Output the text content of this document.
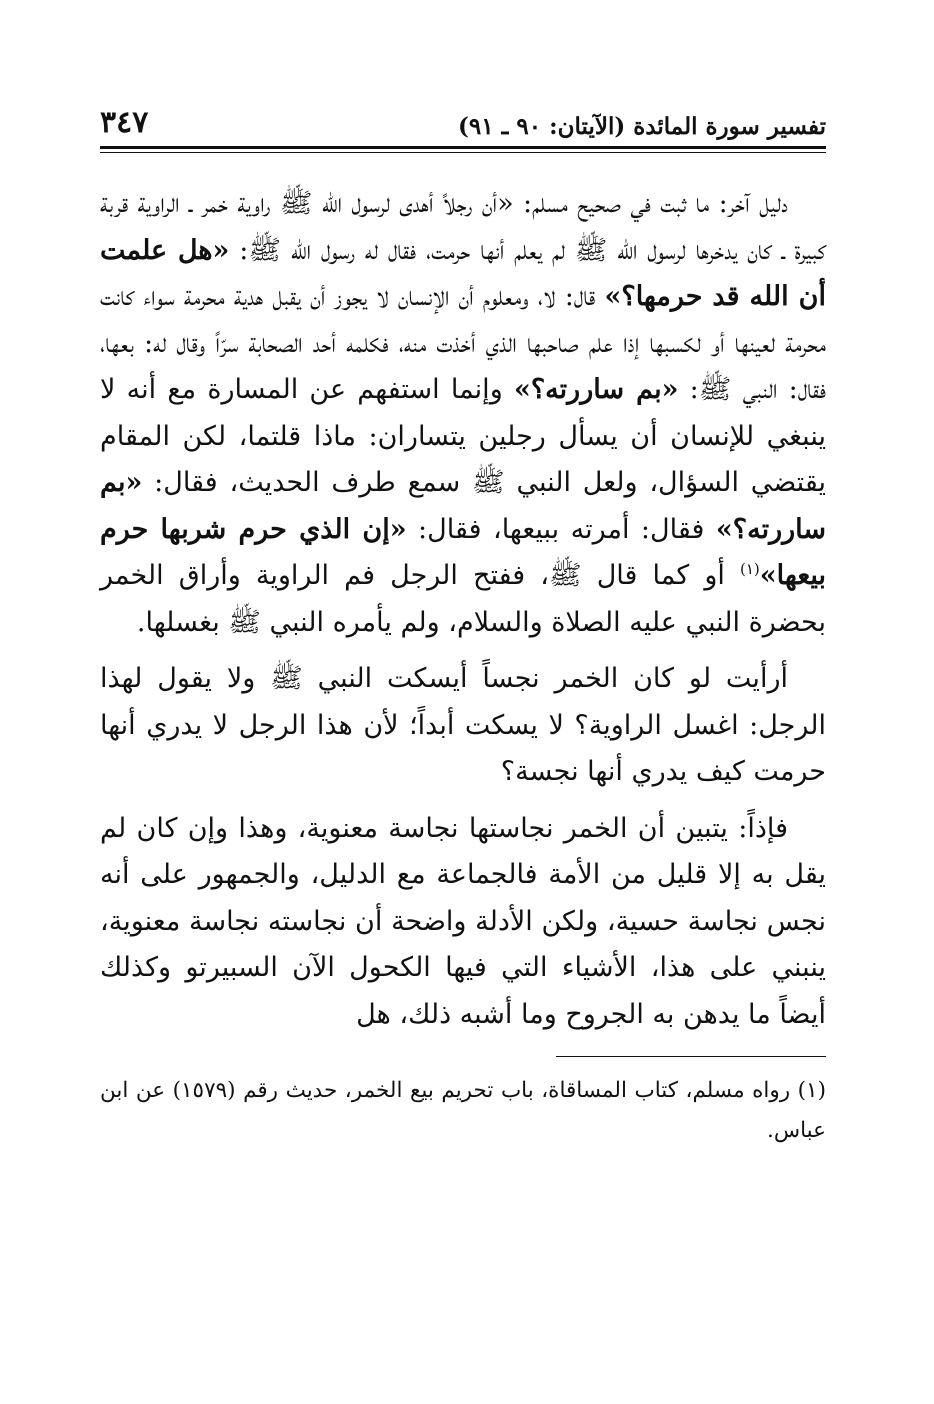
تفسير سورة المائدة (الآيتان: ٩٠ ـ ٩١)
٣٤٧

دليل آخر: ما ثبت في صحيح مسلم: «أن رجلاً أهدى لرسول الله ﷺ راوية خمر ـ الراوية قربة كبيرة ـ كان يدخرها لرسول الله ﷺ لم يعلم أنها حرمت، فقال له رسول الله ﷺ: «هل علمت أن الله قد حرمها؟» قال: لا، ومعلوم أن الإنسان لا يجوز أن يقبل هدية محرمة سواء كانت محرمة لعينها أو لكسبها إذا علم صاحبها الذي أخذت منه، فكلمه أحد الصحابة سرّاً وقال له: بعها، فقال: النبي ﷺ: «بم ساررته؟» وإنما استفهم عن المسارة مع أنه لا ينبغي للإنسان أن يسأل رجلين يتساران: ماذا قلتما، لكن المقام يقتضي السؤال، ولعل النبي ﷺ سمع طرف الحديث، فقال: «بم ساررته؟» فقال: أمرته ببيعها، فقال: «إن الذي حرم شربها حرم بيعها»$^{(١)}$ أو كما قال ﷺ، ففتح الرجل فم الراوية وأراق الخمر بحضرة النبي عليه الصلاة والسلام، ولم يأمره النبي ﷺ بغسلها.

أرأيت لو كان الخمر نجساً أيسكت النبي ﷺ ولا يقول لهذا الرجل: اغسل الراوية؟ لا يسكت أبداً؛ لأن هذا الرجل لا يدري أنها حرمت كيف يدري أنها نجسة؟

فإذاً: يتبين أن الخمر نجاستها نجاسة معنوية، وهذا وإن كان لم يقل به إلا قليل من الأمة فالجماعة مع الدليل، والجمهور على أنه نجس نجاسة حسية، ولكن الأدلة واضحة أن نجاسته نجاسة معنوية، ينبني على هذا، الأشياء التي فيها الكحول الآن السبيرتو وكذلك أيضاً ما يدهن به الجروح وما أشبه ذلك، هل

(١) رواه مسلم، كتاب المساقاة، باب تحريم بيع الخمر، حديث رقم (١٥٧٩) عن ابن عباس.
